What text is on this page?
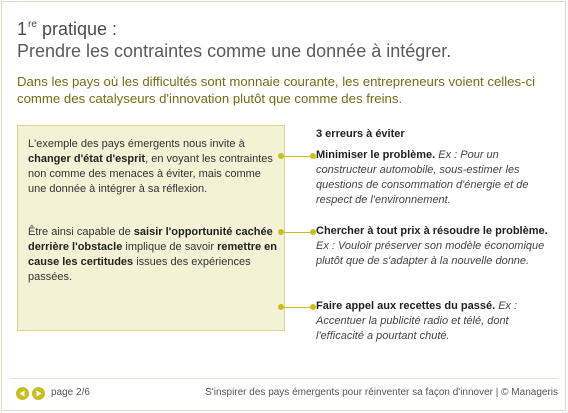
1re pratique :
Prendre les contraintes comme une donnée à intégrer.
Dans les pays où les difficultés sont monnaie courante, les entrepreneurs voient celles-ci comme des catalyseurs d'innovation plutôt que comme des freins.

L'exemple des pays émergents nous invite à changer d'état d'esprit, en voyant les contraintes non comme des menaces à éviter, mais comme une donnée à intégrer à sa réflexion.

Être ainsi capable de saisir l'opportunité cachée derrière l'obstacle implique de savoir remettre en cause les certitudes issues des expériences passées.

3 erreurs à éviter
Minimiser le problème. Ex : Pour un constructeur automobile, sous-estimer les questions de consommation d'énergie et de respect de l'environnement.
Chercher à tout prix à résoudre le problème. Ex : Vouloir préserver son modèle économique plutôt que de s'adapter à la nouvelle donne.
Faire appel aux recettes du passé. Ex : Accentuer la publicité radio et télé, dont l'efficacité a pourtant chuté.
page 2/6	S'inspirer des pays émergents pour réinventer sa façon d'innover | © Manageris
